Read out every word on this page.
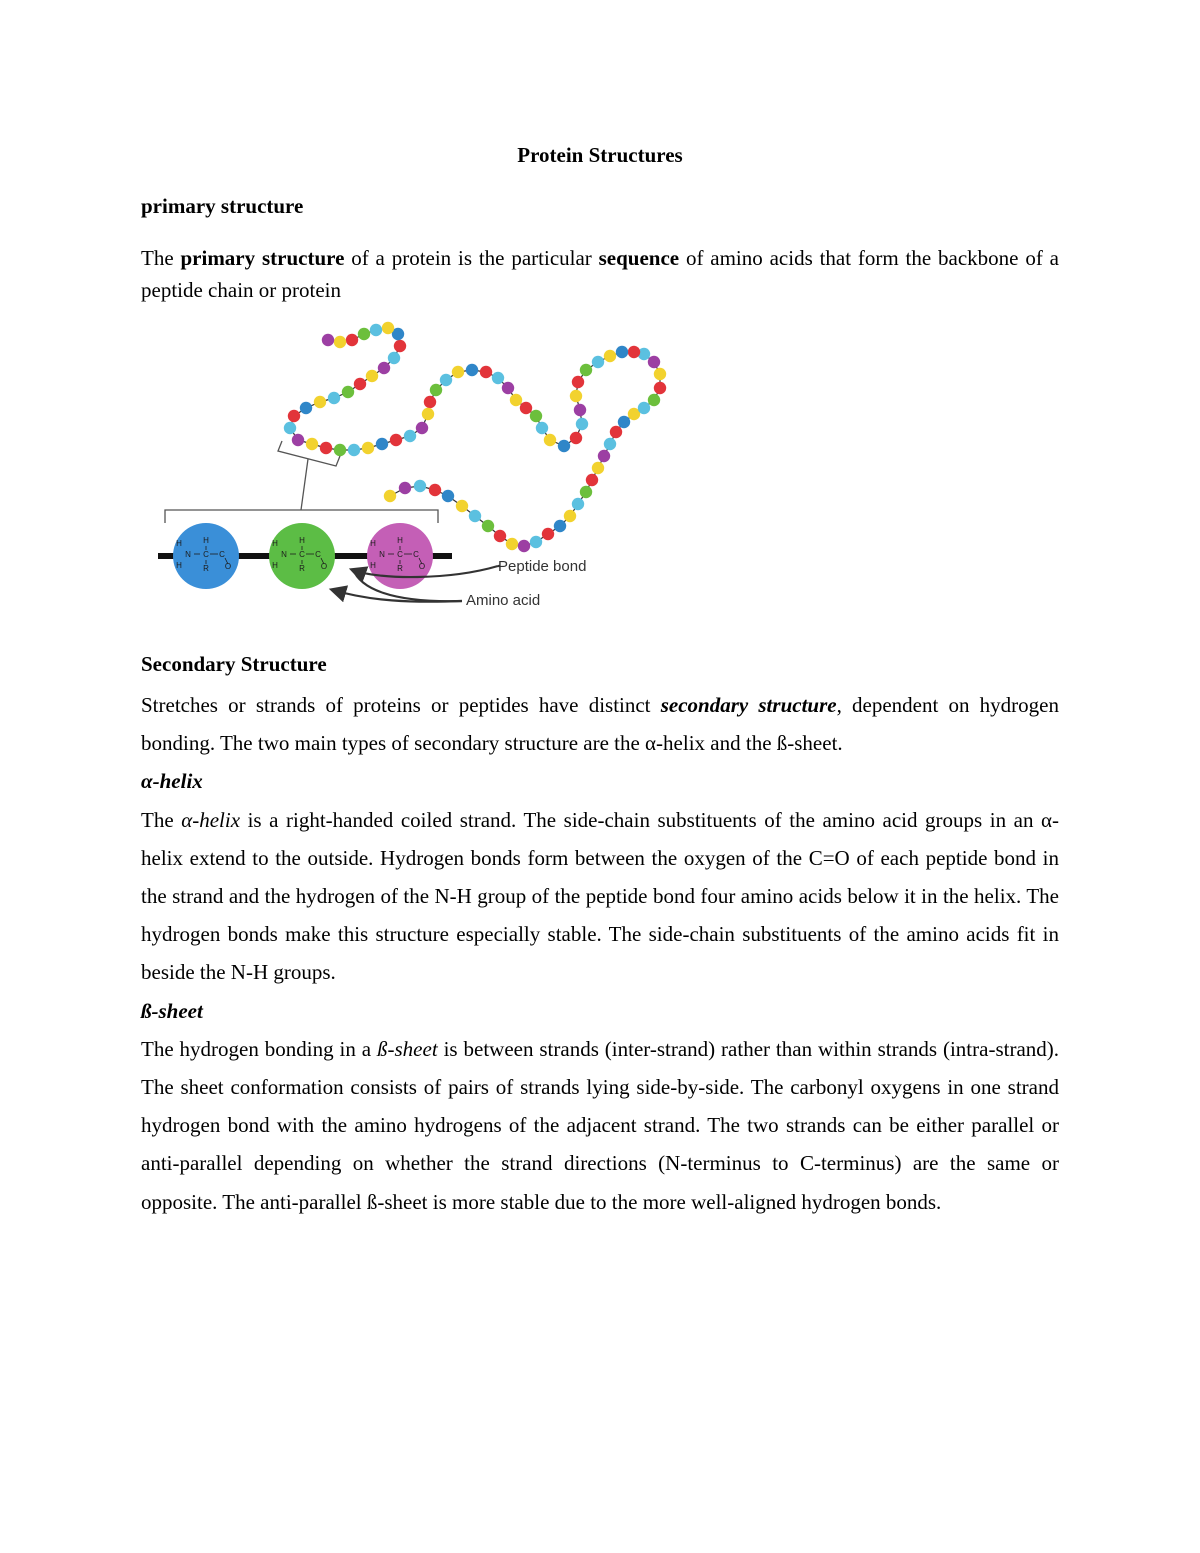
Protein Structures
primary structure
The primary structure of a protein is the particular sequence of amino acids that form the backbone of a peptide chain or protein
H
N
H
C
H
R
C
O
H
N
H
C
H
R
C
O
H
N
H
C
H
R
C
O	Peptide bond
Amino acid
Secondary Structure

Stretches or strands of proteins or peptides have distinct secondary structure, dependent on hydrogen bonding. The two main types of secondary structure are the α-helix and the ß-sheet.

α-helix

The α-helix is a right-handed coiled strand. The side-chain substituents of the amino acid groups in an α-helix extend to the outside. Hydrogen bonds form between the oxygen of the C=O of each peptide bond in the strand and the hydrogen of the N-H group of the peptide bond four amino acids below it in the helix. The hydrogen bonds make this structure especially stable. The side-chain substituents of the amino acids fit in beside the N-H groups.

ß-sheet

The hydrogen bonding in a ß-sheet is between strands (inter-strand) rather than within strands (intra-strand). The sheet conformation consists of pairs of strands lying side-by-side. The carbonyl oxygens in one strand hydrogen bond with the amino hydrogens of the adjacent strand. The two strands can be either parallel or anti-parallel depending on whether the strand directions (N-terminus to C-terminus) are the same or opposite. The anti-parallel ß-sheet is more stable due to the more well-aligned hydrogen bonds.
